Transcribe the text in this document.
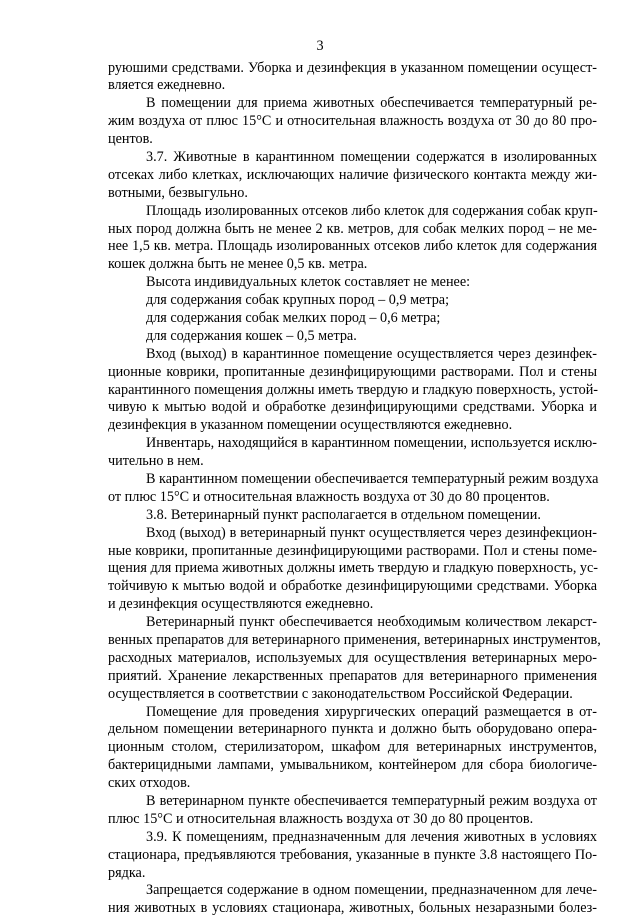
3
руюшими средствами. Уборка и дезинфекция в указанном помещении осущест-
вляется ежедневно.
В помещении для приема животных обеспечивается температурный ре-
жим воздуха от плюс 15°С и относительная влажность воздуха от 30 до 80 про-
центов.
3.7. Животные в карантинном помещении содержатся в изолированных
отсеках либо клетках, исключающих наличие физического контакта между жи-
вотными, безвыгульно.
Площадь изолированных отсеков либо клеток для содержания собак круп-
ных пород должна быть не менее 2 кв. метров, для собак мелких пород – не ме-
нее 1,5 кв. метра. Площадь изолированных отсеков либо клеток для содержания
кошек должна быть не менее 0,5 кв. метра.
Высота индивидуальных клеток составляет не менее:
для содержания собак крупных пород – 0,9 метра;
для содержания собак мелких пород – 0,6 метра;
для содержания кошек – 0,5 метра.
Вход (выход) в карантинное помещение осуществляется через дезинфек-
ционные коврики, пропитанные дезинфицирующими растворами. Пол и стены
карантинного помещения должны иметь твердую и гладкую поверхность, устой-
чивую к мытью водой и обработке дезинфицирующими средствами. Уборка и
дезинфекция в указанном помещении осуществляются ежедневно.
Инвентарь, находящийся в карантинном помещении, используется исклю-
чительно в нем.
В карантинном помещении обеспечивается температурный режим воздуха
от плюс 15°С и относительная влажность воздуха от 30 до 80 процентов.
3.8. Ветеринарный пункт располагается в отдельном помещении.
Вход (выход) в ветеринарный пункт осуществляется через дезинфекцион-
ные коврики, пропитанные дезинфицирующими растворами. Пол и стены поме-
щения для приема животных должны иметь твердую и гладкую поверхность, ус-
тойчивую к мытью водой и обработке дезинфицирующими средствами. Уборка
и дезинфекция осуществляются ежедневно.
Ветеринарный пункт обеспечивается необходимым количеством лекарст-
венных препаратов для ветеринарного применения, ветеринарных инструментов,
расходных материалов, используемых для осуществления ветеринарных меро-
приятий. Хранение лекарственных препаратов для ветеринарного применения
осуществляется в соответствии с законодательством Российской Федерации.
Помещение для проведения хирургических операций размещается в от-
дельном помещении ветеринарного пункта и должно быть оборудовано опера-
ционным столом, стерилизатором, шкафом для ветеринарных инструментов,
бактерицидными лампами, умывальником, контейнером для сбора биологиче-
ских отходов.
В ветеринарном пункте обеспечивается температурный режим воздуха от
плюс 15°С и относительная влажность воздуха от 30 до 80 процентов.
3.9. К помещениям, предназначенным для лечения животных в условиях
стационара, предъявляются требования, указанные в пункте 3.8 настоящего По-
рядка.
Запрещается содержание в одном помещении, предназначенном для лече-
ния животных в условиях стационара, животных, больных незаразными болез-
